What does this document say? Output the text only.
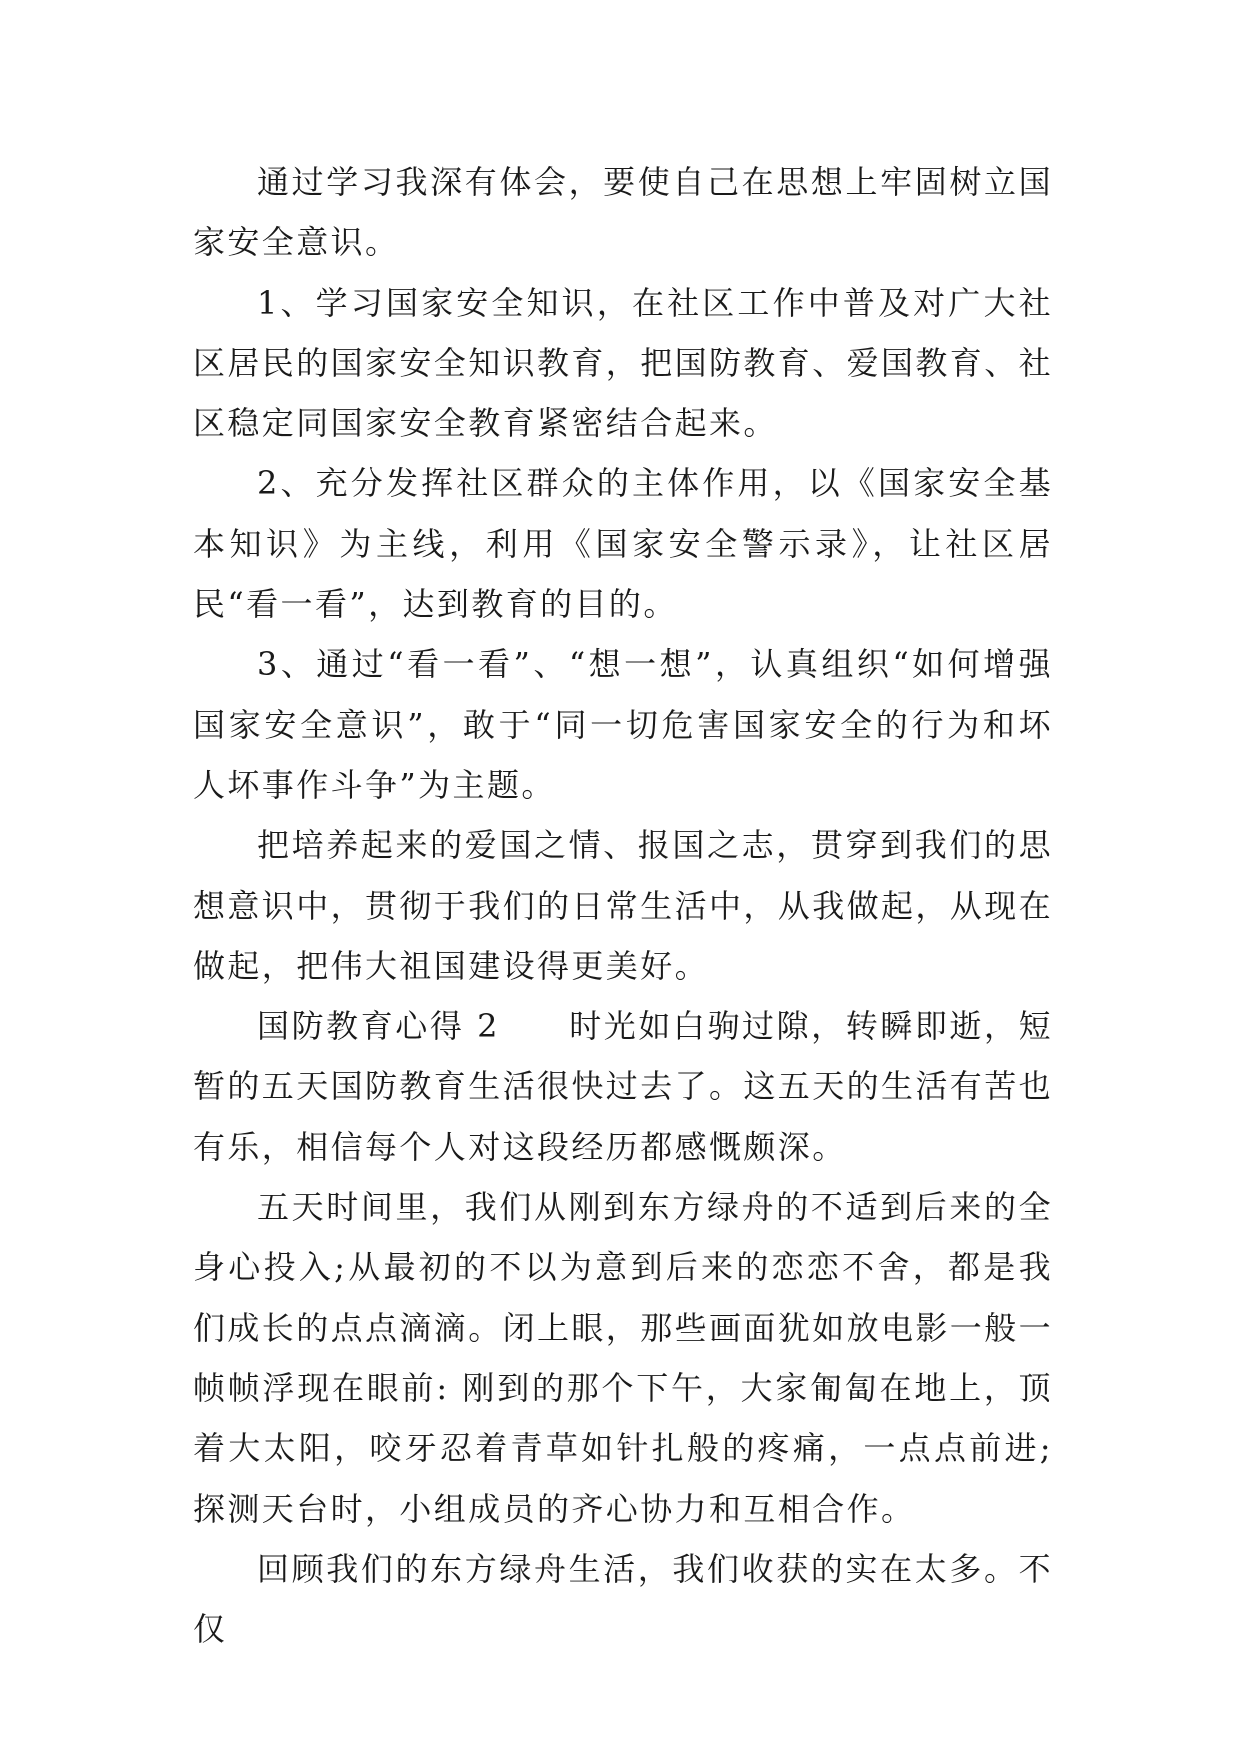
通过学习我深有体会，要使自己在思想上牢固树立国家安全意识。

1、学习国家安全知识，在社区工作中普及对广大社区居民的国家安全知识教育，把国防教育、爱国教育、社区稳定同国家安全教育紧密结合起来。

2、充分发挥社区群众的主体作用，以《国家安全基本知识》为主线，利用《国家安全警示录》，让社区居民“看一看”，达到教育的目的。

3、通过“看一看”、“想一想”，认真组织“如何增强国家安全意识”，敢于“同一切危害国家安全的行为和坏人坏事作斗争”为主题。

把培养起来的爱国之情、报国之志，贯穿到我们的思想意识中，贯彻于我们的日常生活中，从我做起，从现在做起，把伟大祖国建设得更美好。

国防教育心得 2　　时光如白驹过隙，转瞬即逝，短暂的五天国防教育生活很快过去了。这五天的生活有苦也有乐，相信每个人对这段经历都感慨颇深。

五天时间里，我们从刚到东方绿舟的不适到后来的全身心投入;从最初的不以为意到后来的恋恋不舍，都是我们成长的点点滴滴。闭上眼，那些画面犹如放电影一般一帧帧浮现在眼前: 刚到的那个下午，大家匍匐在地上，顶着大太阳，咬牙忍着青草如针扎般的疼痛，一点点前进;探测天台时，小组成员的齐心协力和互相合作。

回顾我们的东方绿舟生活，我们收获的实在太多。不仅
